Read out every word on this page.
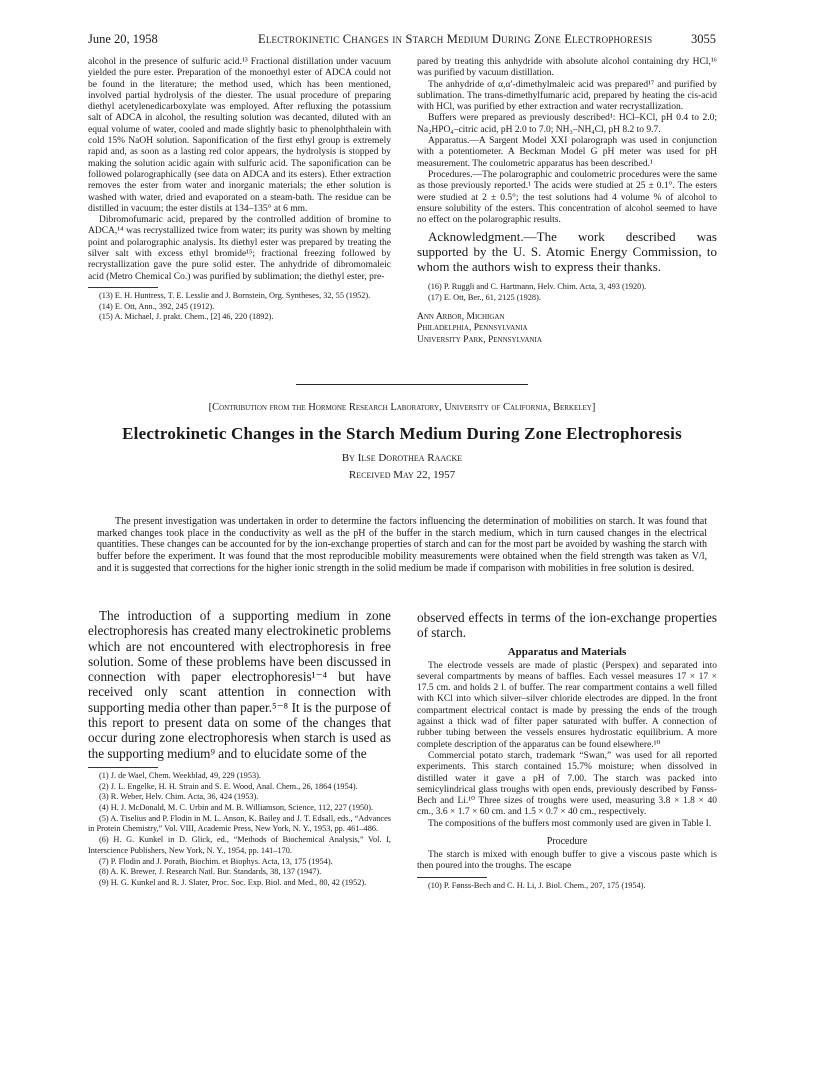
June 20, 1958	Electrokinetic Changes in Starch Medium During Zone Electrophoresis	3055

alcohol in the presence of sulfuric acid.¹³ Fractional distillation under vacuum yielded the pure ester. Preparation of the monoethyl ester of ADCA could not be found in the literature; the method used, which has been mentioned, involved partial hydrolysis of the diester. The usual procedure of preparing diethyl acetylenedicarboxylate was employed. After refluxing the potassium salt of ADCA in alcohol, the resulting solution was decanted, diluted with an equal volume of water, cooled and made slightly basic to phenolphthalein with cold 15% NaOH solution. Saponification of the first ethyl group is extremely rapid and, as soon as a lasting red color appears, the hydrolysis is stopped by making the solution acidic again with sulfuric acid. The saponification can be followed polarographically (see data on ADCA and its esters). Ether extraction removes the ester from water and inorganic materials; the ether solution is washed with water, dried and evaporated on a steam-bath. The residue can be distilled in vacuum; the ester distils at 134–135° at 6 mm.

Dibromofumaric acid, prepared by the controlled addition of bromine to ADCA,¹⁴ was recrystallized twice from water; its purity was shown by melting point and polarographic analysis. Its diethyl ester was prepared by treating the silver salt with excess ethyl bromide¹⁵; fractional freezing followed by recrystallization gave the pure solid ester. The anhydride of dibromomaleic acid (Metro Chemical Co.) was purified by sublimation; the diethyl ester, pre-

(13) E. H. Huntress, T. E. Lesslie and J. Bornstein, Org. Syntheses, 32, 55 (1952).

(14) E. Ott, Ann., 392, 245 (1912).

(15) A. Michael, J. prakt. Chem., [2] 46, 220 (1892).

pared by treating this anhydride with absolute alcohol containing dry HCl,¹⁶ was purified by vacuum distillation.

The anhydride of α,α′-dimethylmaleic acid was prepared¹⁷ and purified by sublimation. The trans-dimethylfumaric acid, prepared by heating the cis-acid with HCl, was purified by ether extraction and water recrystallization.

Buffers were prepared as previously described¹: HCl–KCl, pH 0.4 to 2.0; Na₂HPO₄–citric acid, pH 2.0 to 7.0; NH₃–NH₄Cl, pH 8.2 to 9.7.

Apparatus.—A Sargent Model XXI polarograph was used in conjunction with a potentiometer. A Beckman Model G pH meter was used for pH measurement. The coulometric apparatus has been described.¹

Procedures.—The polarographic and coulometric procedures were the same as those previously reported.¹ The acids were studied at 25 ± 0.1°. The esters were studied at 2 ± 0.5°; the test solutions had 4 volume % of alcohol to ensure solubility of the esters. This concentration of alcohol seemed to have no effect on the polarographic results.

Acknowledgment.—The work described was supported by the U. S. Atomic Energy Commission, to whom the authors wish to express their thanks.

(16) P. Ruggli and C. Hartmann, Helv. Chim. Acta, 3, 493 (1920).

(17) E. Ott, Ber., 61, 2125 (1928).

Ann Arbor, Michigan
Philadelphia, Pennsylvania
University Park, Pennsylvania
[Contribution from the Hormone Research Laboratory, University of California, Berkeley]
Electrokinetic Changes in the Starch Medium During Zone Electrophoresis
By Ilse Dorothea Raacke
Received May 22, 1957
The present investigation was undertaken in order to determine the factors influencing the determination of mobilities on starch. It was found that marked changes took place in the conductivity as well as the pH of the buffer in the starch medium, which in turn caused changes in the electrical quantities. These changes can be accounted for by the ion-exchange properties of starch and can for the most part be avoided by washing the starch with buffer before the experiment. It was found that the most reproducible mobility measurements were obtained when the field strength was taken as V/l, and it is suggested that corrections for the higher ionic strength in the solid medium be made if comparison with mobilities in free solution is desired.

The introduction of a supporting medium in zone electrophoresis has created many electrokinetic problems which are not encountered with electrophoresis in free solution. Some of these problems have been discussed in connection with paper electrophoresis¹⁻⁴ but have received only scant attention in connection with supporting media other than paper.⁵⁻⁸ It is the purpose of this report to present data on some of the changes that occur during zone electrophoresis when starch is used as the supporting medium⁹ and to elucidate some of the

(1) J. de Wael, Chem. Weekblad, 49, 229 (1953).

(2) J. L. Engelke, H. H. Strain and S. E. Wood, Anal. Chem., 26, 1864 (1954).

(3) R. Weber, Helv. Chim. Acta, 36, 424 (1953).

(4) H. J. McDonald, M. C. Urbin and M. B. Williamson, Science, 112, 227 (1950).

(5) A. Tiselius and P. Flodin in M. L. Anson, K. Bailey and J. T. Edsall, eds., “Advances in Protein Chemistry,” Vol. VIII, Academic Press, New York, N. Y., 1953, pp. 461–486.

(6) H. G. Kunkel in D. Glick, ed., “Methods of Biochemical Analysis,” Vol. I, Interscience Publishers, New York, N. Y., 1954, pp. 141–170.

(7) P. Flodin and J. Porath, Biochim. et Biophys. Acta, 13, 175 (1954).

(8) A. K. Brewer, J. Research Natl. Bur. Standards, 38, 137 (1947).

(9) H. G. Kunkel and R. J. Slater, Proc. Soc. Exp. Biol. and Med., 80, 42 (1952).

observed effects in terms of the ion-exchange properties of starch.

Apparatus and Materials

The electrode vessels are made of plastic (Perspex) and separated into several compartments by means of baffles. Each vessel measures 17 × 17 × 17.5 cm. and holds 2 l. of buffer. The rear compartment contains a well filled with KCl into which silver–silver chloride electrodes are dipped. In the front compartment electrical contact is made by pressing the ends of the trough against a thick wad of filter paper saturated with buffer. A connection of rubber tubing between the vessels ensures hydrostatic equilibrium. A more complete description of the apparatus can be found elsewhere.¹⁰

Commercial potato starch, trademark “Swan,” was used for all reported experiments. This starch contained 15.7% moisture; when dissolved in distilled water it gave a pH of 7.00. The starch was packed into semicylindrical glass troughs with open ends, previously described by Fønss-Bech and Li.¹⁰ Three sizes of troughs were used, measuring 3.8 × 1.8 × 40 cm., 3.6 × 1.7 × 60 cm. and 1.5 × 0.7 × 40 cm., respectively.

The compositions of the buffers most commonly used are given in Table I.

Procedure

The starch is mixed with enough buffer to give a viscous paste which is then poured into the troughs. The escape

(10) P. Fønss-Bech and C. H. Li, J. Biol. Chem., 207, 175 (1954).
